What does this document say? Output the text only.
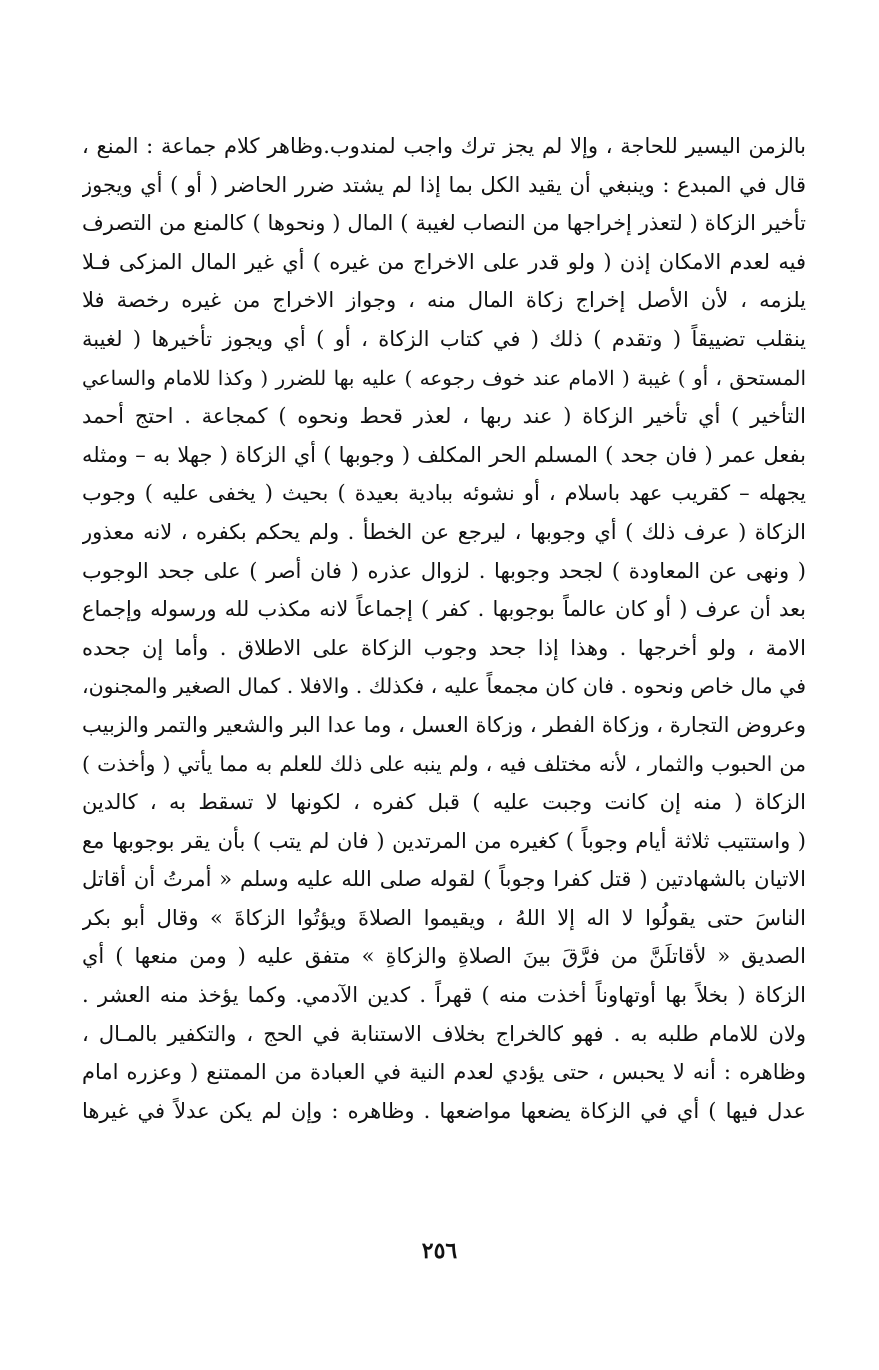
بالزمن اليسير للحاجة ، وإلا لم يجز ترك واجب لمندوب.وظاهر كلام جماعة : المنع ،
قال في المبدع : وينبغي أن يقيد الكل بما إذا لم يشتد ضرر الحاضر ( أو ) أي ويجوز
تأخير الزكاة ( لتعذر إخراجها من النصاب لغيبة ) المال ( ونحوها ) كالمنع من التصرف
فيه لعدم الامكان إذن ( ولو قدر على الاخراج من غيره ) أي غير المال المزكى فـلا
يلزمه ، لأن الأصل إخراج زكاة المال منه ، وجواز الاخراج من غيره رخصة فلا
ينقلب تضييقاً ( وتقدم ) ذلك ( في كتاب الزكاة ، أو ) أي ويجوز تأخيرها ( لغيبة
المستحق ، أو ) غيبة ( الامام عند خوف رجوعه ) عليه بها للضرر ( وكذا للامام والساعي
التأخير ) أي تأخير الزكاة ( عند ربها ، لعذر قحط ونحوه ) كمجاعة . احتج أحمد
بفعل عمر ( فان جحد ) المسلم الحر المكلف ( وجوبها ) أي الزكاة ( جهلا به – ومثله
يجهله – كقريب عهد باسلام ، أو نشوئه ببادية بعيدة ) بحيث ( يخفى عليه ) وجوب
الزكاة ( عرف ذلك ) أي وجوبها ، ليرجع عن الخطأ . ولم يحكم بكفره ، لانه معذور
( ونهى عن المعاودة ) لجحد وجوبها . لزوال عذره ( فان أصر ) على جحد الوجوب
بعد أن عرف ( أو كان عالماً بوجوبها . كفر ) إجماعاً لانه مكذب لله ورسوله وإجماع
الامة ، ولو أخرجها . وهذا إذا جحد وجوب الزكاة على الاطلاق . وأما إن جحده
في مال خاص ونحوه . فان كان مجمعاً عليه ، فكذلك . والافلا . كمال الصغير والمجنون،
وعروض التجارة ، وزكاة الفطر ، وزكاة العسل ، وما عدا البر والشعير والتمر والزبيب
من الحبوب والثمار ، لأنه مختلف فيه ، ولم ينبه على ذلك للعلم به مما يأتي ( وأخذت )
الزكاة ( منه إن كانت وجبت عليه ) قبل كفره ، لكونها لا تسقط به ، كالدين
( واستتيب ثلاثة أيام وجوباً ) كغيره من المرتدين ( فان لم يتب ) بأن يقر بوجوبها مع
الاتيان بالشهادتين ( قتل كفرا وجوباً ) لقوله صلى الله عليه وسلم « أمرتُ أن أقاتل
الناسَ حتى يقولُوا لا اله إلا اللهُ ، ويقيموا الصلاةَ ويؤتُوا الزكاةَ » وقال أبو بكر
الصديق « لأقاتلَنَّ من فرَّقَ بينَ الصلاةِ والزكاةِ » متفق عليه ( ومن منعها ) أي
الزكاة ( بخلاً بها أوتهاوناً أخذت منه ) قهراً . كدين الآدمي. وكما يؤخذ منه العشر .
ولان للامام طلبه به . فهو كالخراج بخلاف الاستنابة في الحج ، والتكفير بالمـال ،
وظاهره : أنه لا يحبس ، حتى يؤدي لعدم النية في العبادة من الممتنع ( وعزره امام
عدل فيها ) أي في الزكاة يضعها مواضعها . وظاهره : وإن لم يكن عدلاً في غيرها
٢٥٦
